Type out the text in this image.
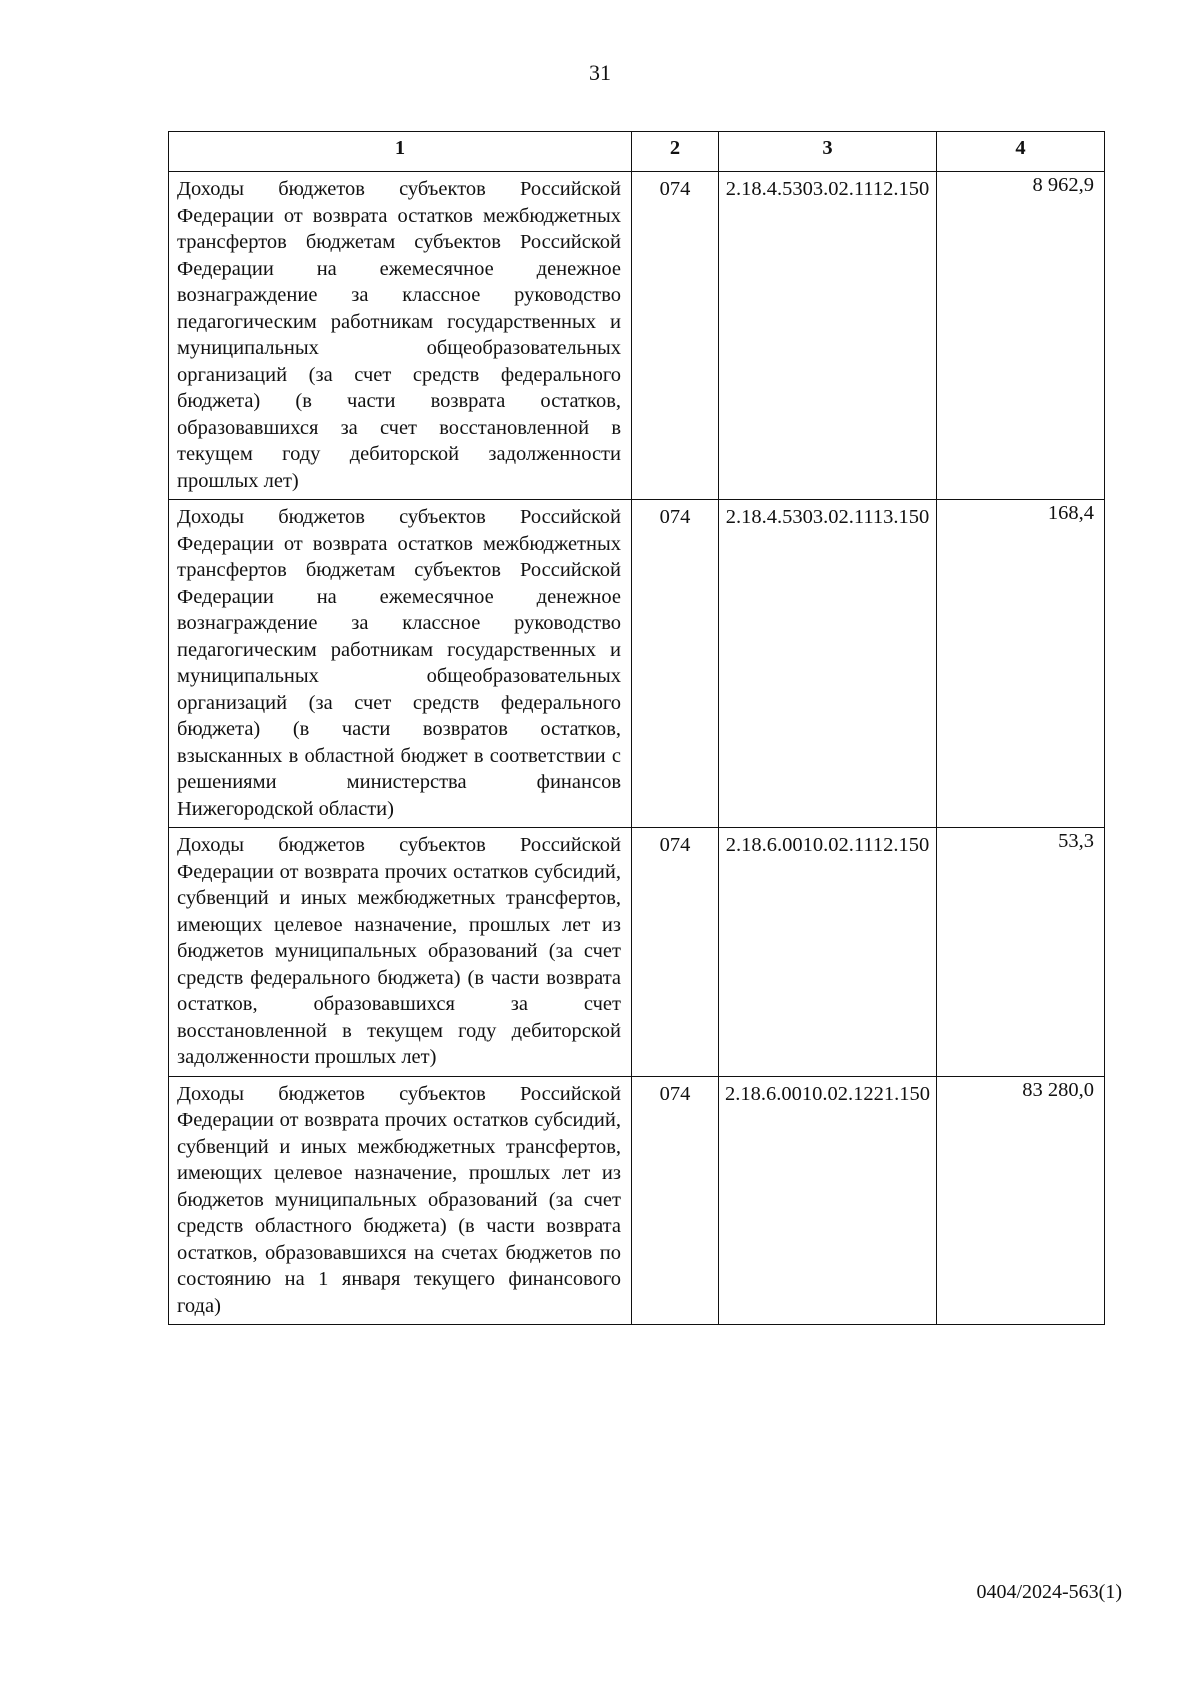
31
1	2	3	4
Доходы бюджетов субъектов Российской Федерации от возврата остатков межбюджетных трансфертов бюджетам субъектов Российской Федерации на ежемесячное денежное вознаграждение за классное руководство педагогическим работникам государственных и муниципальных общеобразовательных организаций (за счет средств федерального бюджета) (в части возврата остатков, образовавшихся за счет восстановленной в текущем году дебиторской задолженности прошлых лет)	074	2.18.4.5303.02.1112.150	8 962,9
Доходы бюджетов субъектов Российской Федерации от возврата остатков межбюджетных трансфертов бюджетам субъектов Российской Федерации на ежемесячное денежное вознаграждение за классное руководство педагогическим работникам государственных и муниципальных общеобразовательных организаций (за счет средств федерального бюджета) (в части возвратов остатков, взысканных в областной бюджет в соответствии с решениями министерства финансов Нижегородской области)	074	2.18.4.5303.02.1113.150	168,4
Доходы бюджетов субъектов Российской Федерации от возврата прочих остатков субсидий, субвенций и иных межбюджетных трансфертов, имеющих целевое назначение, прошлых лет из бюджетов муниципальных образований (за счет средств федерального бюджета) (в части возврата остатков, образовавшихся за счет восстановленной в текущем году дебиторской задолженности прошлых лет)	074	2.18.6.0010.02.1112.150	53,3
Доходы бюджетов субъектов Российской Федерации от возврата прочих остатков субсидий, субвенций и иных межбюджетных трансфертов, имеющих целевое назначение, прошлых лет из бюджетов муниципальных образований (за счет средств областного бюджета) (в части возврата остатков, образовавшихся на счетах бюджетов по состоянию на 1 января текущего финансового года)	074	2.18.6.0010.02.1221.150	83 280,0
0404/2024-563(1)
